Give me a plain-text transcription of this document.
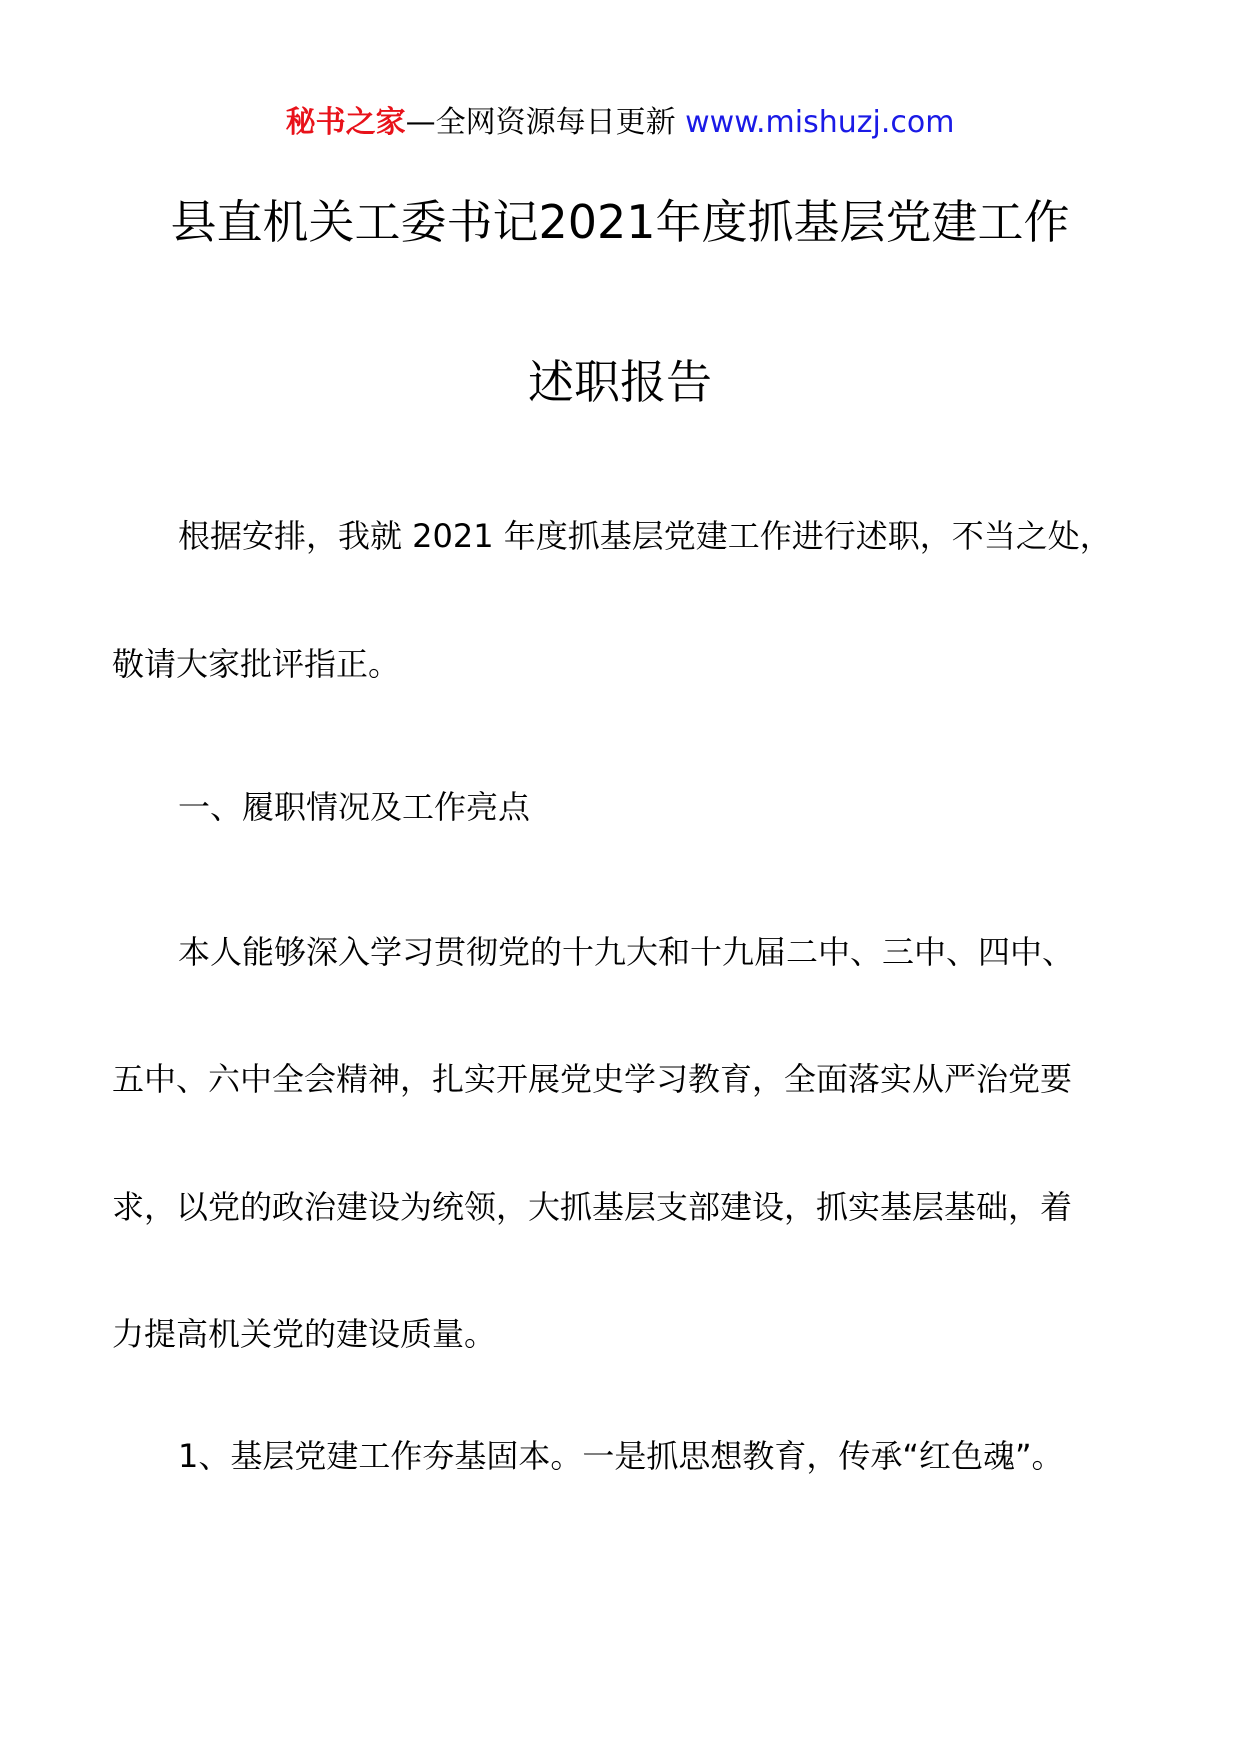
秘书之家—全网资源每日更新 www.mishuzj.com
县直机关工委书记2021年度抓基层党建工作
述职报告
根据安排，我就 2021 年度抓基层党建工作进行述职，不当之处，
敬请大家批评指正。
一、履职情况及工作亮点
本人能够深入学习贯彻党的十九大和十九届二中、三中、四中、
五中、六中全会精神，扎实开展党史学习教育，全面落实从严治党要
求，以党的政治建设为统领，大抓基层支部建设，抓实基层基础，着
力提高机关党的建设质量。
1、基层党建工作夯基固本。一是抓思想教育，传承“红色魂”。
